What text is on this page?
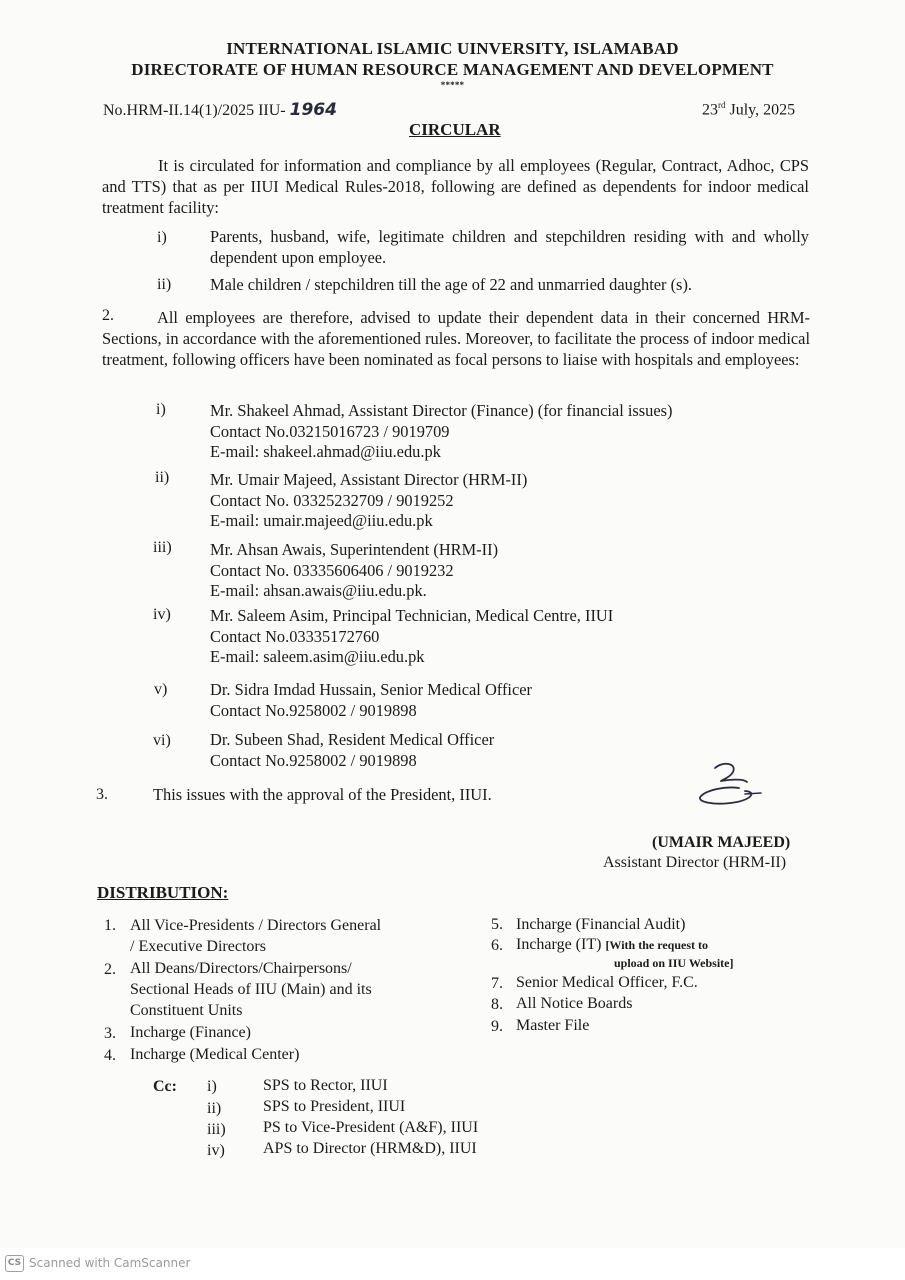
INTERNATIONAL ISLAMIC UINVERSITY, ISLAMABAD
DIRECTORATE OF HUMAN RESOURCE MANAGEMENT AND DEVELOPMENT
*****
No.HRM-II.14(1)/2025 IIU- 1964	23rd July, 2025
CIRCULAR
It is circulated for information and compliance by all employees (Regular, Contract, Adhoc, CPS and TTS) that as per IIUI Medical Rules-2018, following are defined as dependents for indoor medical treatment facility:
i)	Parents, husband, wife, legitimate children and stepchildren residing with and wholly dependent upon employee.
ii) Male children / stepchildren till the age of 22 and unmarried daughter (s).
2.	All employees are therefore, advised to update their dependent data in their concerned HRM-Sections, in accordance with the aforementioned rules. Moreover, to facilitate the process of indoor medical treatment, following officers have been nominated as focal persons to liaise with hospitals and employees:
i)	Mr. Shakeel Ahmad, Assistant Director (Finance) (for financial issues)
Contact No.03215016723 / 9019709
E-mail: shakeel.ahmad@iiu.edu.pk
ii) Mr. Umair Majeed, Assistant Director (HRM-II)
Contact No. 03325232709 / 9019252
E-mail: umair.majeed@iiu.edu.pk
iii) Mr. Ahsan Awais, Superintendent (HRM-II)
Contact No. 03335606406 / 9019232
E-mail: ahsan.awais@iiu.edu.pk.
iv) Mr. Saleem Asim, Principal Technician, Medical Centre, IIUI
Contact No.03335172760
E-mail: saleem.asim@iiu.edu.pk
v)	Dr. Sidra Imdad Hussain, Senior Medical Officer
Contact No.9258002 / 9019898
vi) Dr. Subeen Shad, Resident Medical Officer
Contact No.9258002 / 9019898
3.	This issues with the approval of the President, IIUI.
(UMAIR MAJEED)
Assistant Director (HRM-II)
DISTRIBUTION:
1. All Vice-Presidents / Directors General
/ Executive Directors
2. All Deans/Directors/Chairpersons/
Sectional Heads of IIU (Main) and its
Constituent Units
3. Incharge (Finance)
4. Incharge (Medical Center)
5. Incharge (Financial Audit)
6. Incharge (IT) [With the request to
upload on IIU Website]
7. Senior Medical Officer, F.C.
8. All Notice Boards
9. Master File
Cc: i)	SPS to Rector, IIUI
ii)	SPS to President, IIUI
iii) PS to Vice-President (A&F), IIUI
iv) APS to Director (HRM&D), IIUI
CS Scanned with CamScanner
